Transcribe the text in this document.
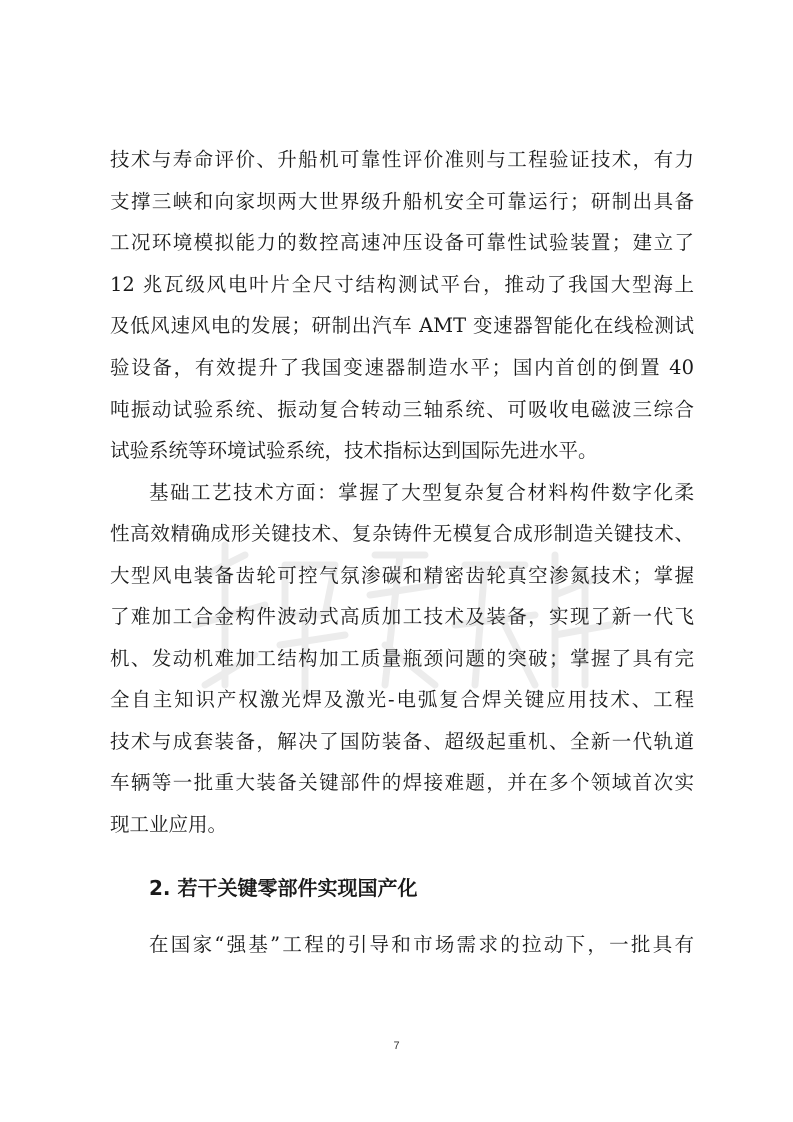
技术与寿命评价、升船机可靠性评价准则与工程验证技术，有力
支撑三峡和向家坝两大世界级升船机安全可靠运行；研制出具备
工况环境模拟能力的数控高速冲压设备可靠性试验装置；建立了
12 兆瓦级风电叶片全尺寸结构测试平台，推动了我国大型海上
及低风速风电的发展；研制出汽车 AMT 变速器智能化在线检测试
验设备，有效提升了我国变速器制造水平；国内首创的倒置 40
吨振动试验系统、振动复合转动三轴系统、可吸收电磁波三综合
试验系统等环境试验系统，技术指标达到国际先进水平。
基础工艺技术方面：掌握了大型复杂复合材料构件数字化柔
性高效精确成形关键技术、复杂铸件无模复合成形制造关键技术、
大型风电装备齿轮可控气氛渗碳和精密齿轮真空渗氮技术；掌握
了难加工合金构件波动式高质加工技术及装备，实现了新一代飞
机、发动机难加工结构加工质量瓶颈问题的突破；掌握了具有完
全自主知识产权激光焊及激光-电弧复合焊关键应用技术、工程
技术与成套装备，解决了国防装备、超级起重机、全新一代轨道
车辆等一批重大装备关键部件的焊接难题，并在多个领域首次实
现工业应用。
2. 若干关键零部件实现国产化
在国家“强基”工程的引导和市场需求的拉动下，一批具有
7
